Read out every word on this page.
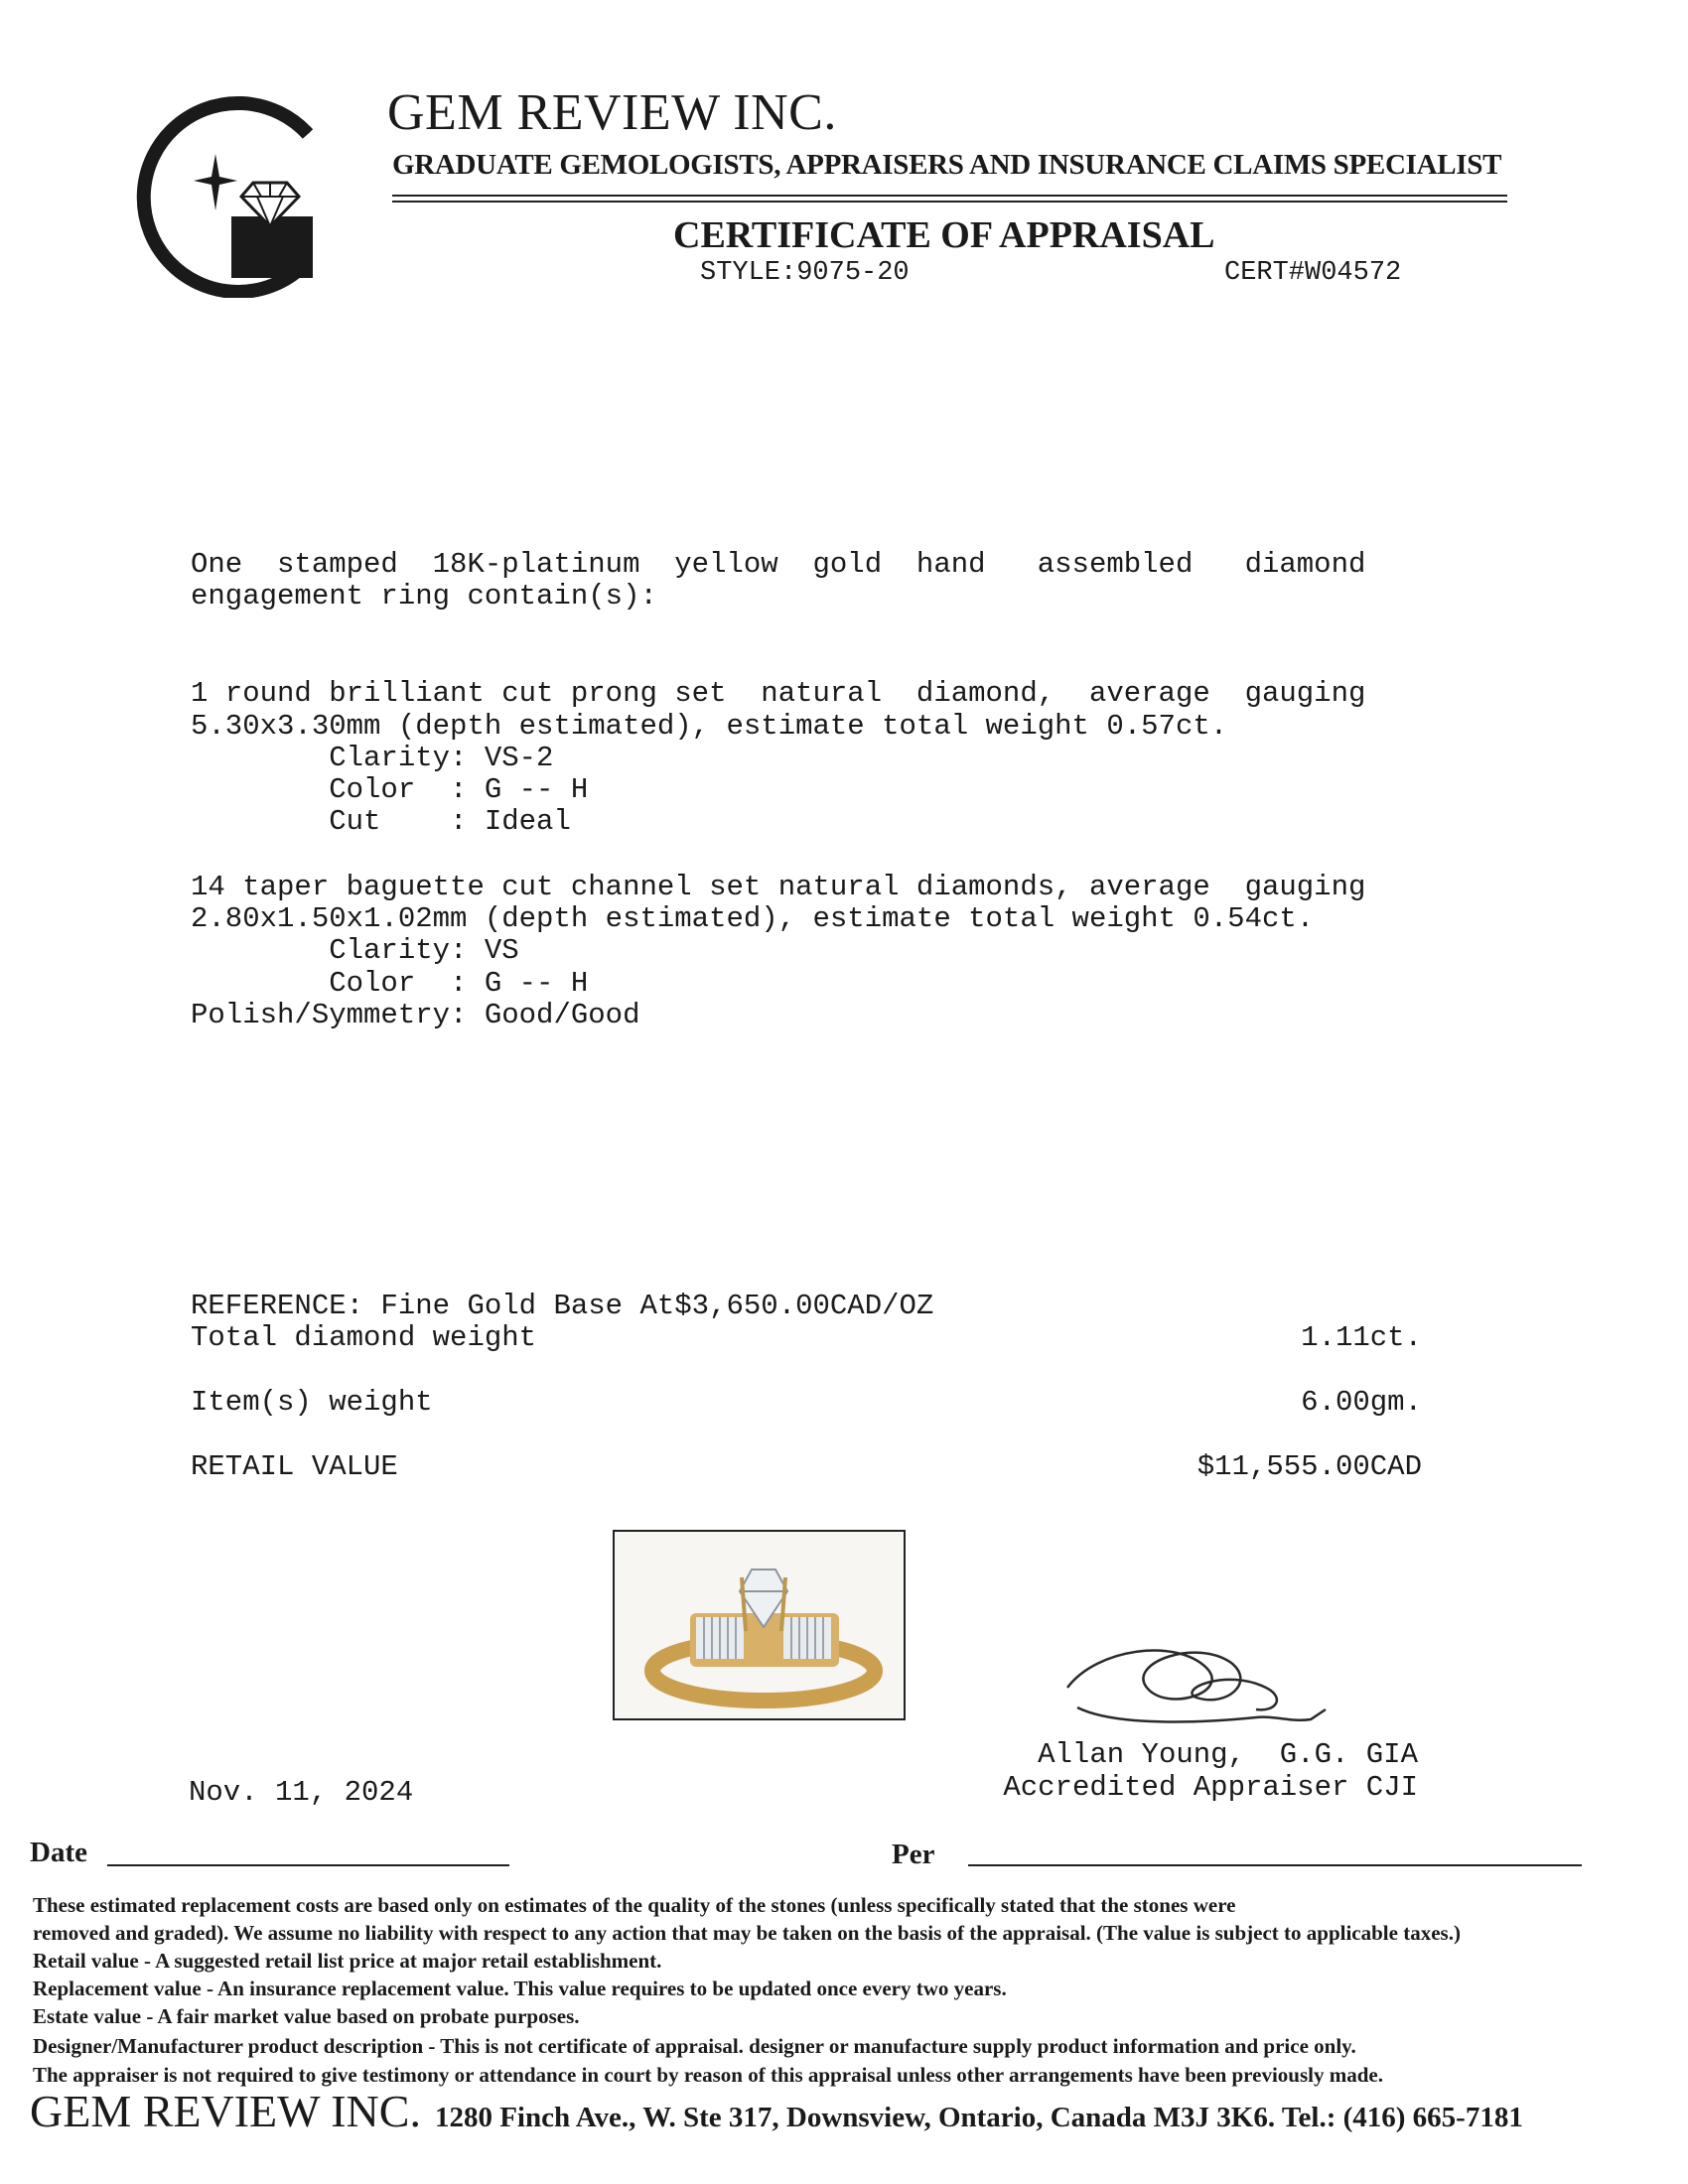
GEM REVIEW INC.
GRADUATE GEMOLOGISTS, APPRAISERS AND INSURANCE CLAIMS SPECIALIST
CERTIFICATE OF APPRAISAL
STYLE:9075-20	CERT#W04572
One  stamped  18K-platinum  yellow  gold  hand   assembled   diamond
engagement ring contain(s):
1 round brilliant cut prong set  natural  diamond,  average  gauging
5.30x3.30mm (depth estimated), estimate total weight 0.57ct.
Clarity: VS-2
Color  : G -- H
Cut    : Ideal
14 taper baguette cut channel set natural diamonds, average  gauging
2.80x1.50x1.02mm (depth estimated), estimate total weight 0.54ct.
Clarity: VS
Color  : G -- H
Polish/Symmetry: Good/Good
REFERENCE: Fine Gold Base At$3,650.00CAD/OZ
Total diamond weight	1.11ct.
Item(s) weight	6.00gm.
RETAIL VALUE	$11,555.00CAD
Nov. 11, 2024
Allan Young,  G.G. GIA
Accredited Appraiser CJI
Date	Per
These estimated replacement costs are based only on estimates of the quality of the stones (unless specifically stated that the stones were
removed and graded). We assume no liability with respect to any action that may be taken on the basis of the appraisal. (The value is subject to applicable taxes.)
Retail value - A suggested retail list price at major retail establishment.
Replacement value - An insurance replacement value. This value requires to be updated once every two years.
Estate value - A fair market value based on probate purposes.
Designer/Manufacturer product description - This is not certificate of appraisal. designer or manufacture supply product information and price only.
The appraiser is not required to give testimony or attendance in court by reason of this appraisal unless other arrangements have been previously made.
GEM REVIEW INC. 1280 Finch Ave., W. Ste 317, Downsview, Ontario, Canada M3J 3K6. Tel.: (416) 665-7181
